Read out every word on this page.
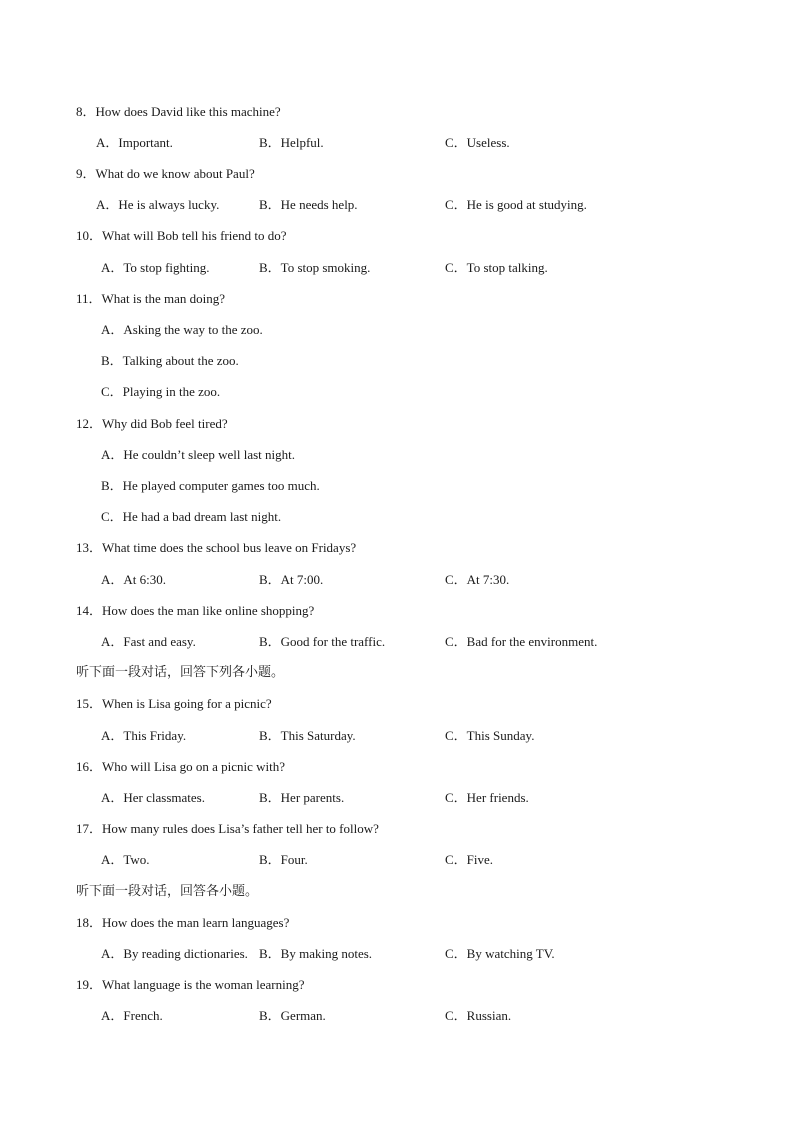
8．How does David like this machine?
A．Important.	B．Helpful.	C．Useless.
9．What do we know about Paul?
A．He is always lucky.	B．He needs help.	C．He is good at studying.
10．What will Bob tell his friend to do?
A．To stop fighting.	B．To stop smoking.	C．To stop talking.
11．What is the man doing?
A．Asking the way to the zoo.
B．Talking about the zoo.
C．Playing in the zoo.
12．Why did Bob feel tired?
A．He couldn’t sleep well last night.
B．He played computer games too much.
C．He had a bad dream last night.
13．What time does the school bus leave on Fridays?
A．At 6:30.	B．At 7:00.	C．At 7:30.
14．How does the man like online shopping?
A．Fast and easy.	B．Good for the traffic.	C．Bad for the environment.
听下面一段对话，回答下列各小题。
15．When is Lisa going for a picnic?
A．This Friday.	B．This Saturday.	C．This Sunday.
16．Who will Lisa go on a picnic with?
A．Her classmates.	B．Her parents.	C．Her friends.
17．How many rules does Lisa’s father tell her to follow?
A．Two.	B．Four.	C．Five.
听下面一段对话，回答各小题。
18．How does the man learn languages?
A．By reading dictionaries. B．By making notes.	C．By watching TV.
19．What language is the woman learning?
A．French.	B．German.	C．Russian.
